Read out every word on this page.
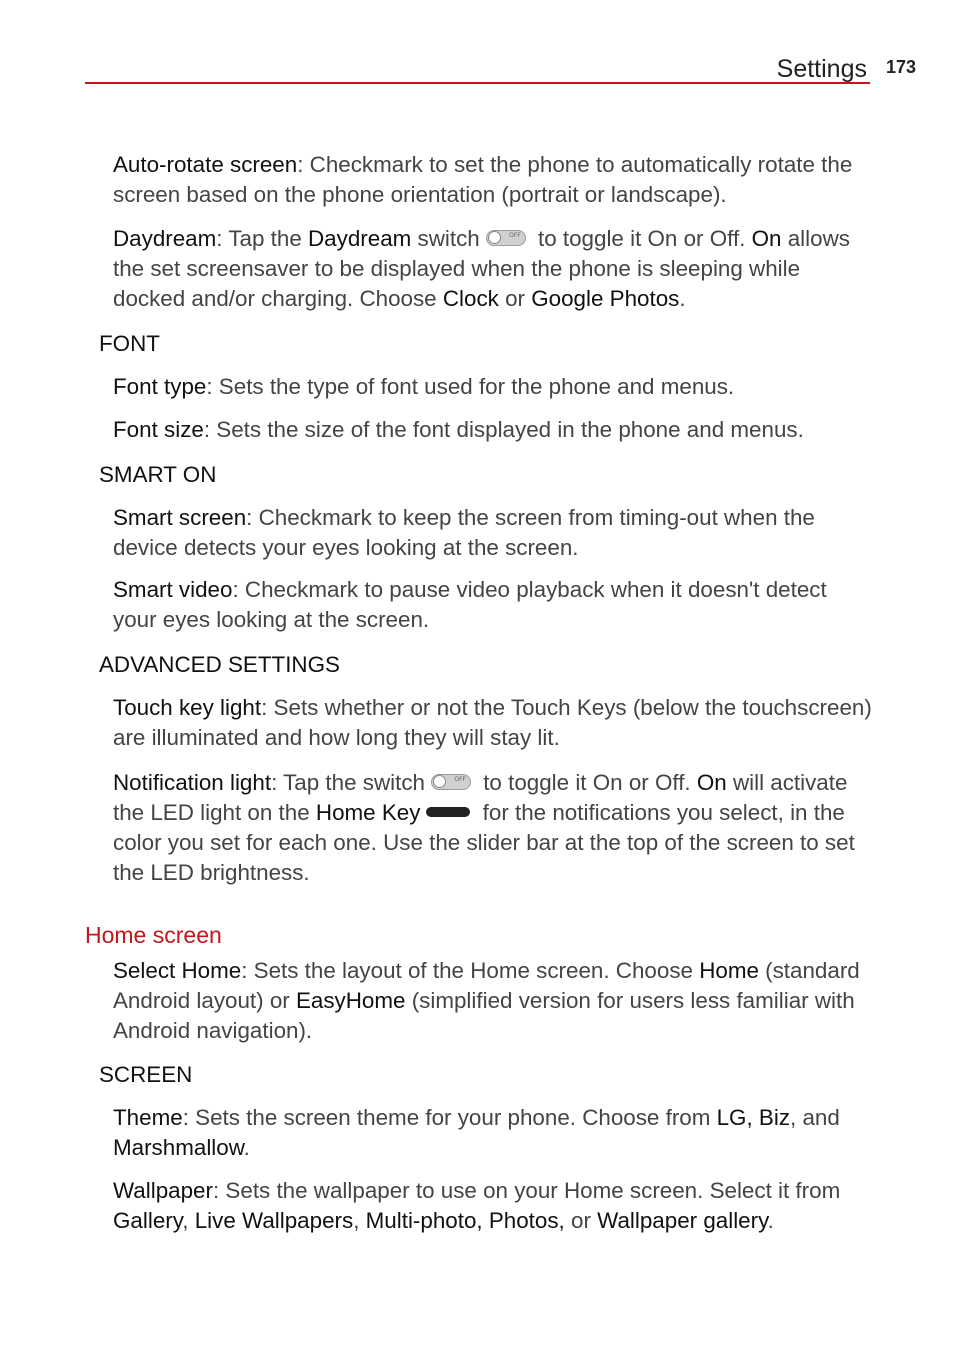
Settings 173

Auto-rotate screen: Checkmark to set the phone to automatically rotate the screen based on the phone orientation (portrait or landscape).

Daydream: Tap the Daydream switch	OFF to toggle it On or Off. On allows the set screensaver to be displayed when the phone is sleeping while docked and/or charging. Choose Clock or Google Photos.

FONT

Font type: Sets the type of font used for the phone and menus.

Font size: Sets the size of the font displayed in the phone and menus.

SMART ON

Smart screen: Checkmark to keep the screen from timing-out when the device detects your eyes looking at the screen.

Smart video: Checkmark to pause video playback when it doesn't detect your eyes looking at the screen.

ADVANCED SETTINGS

Touch key light: Sets whether or not the Touch Keys (below the touchscreen) are illuminated and how long they will stay lit.

Notification light: Tap the switch	OFF to toggle it On or Off. On will activate the LED light on the Home Key	for the notifications you select, in the color you set for each one. Use the slider bar at the top of the screen to set the LED brightness.

Home screen

Select Home: Sets the layout of the Home screen. Choose Home (standard Android layout) or EasyHome (simplified version for users less familiar with Android navigation).

SCREEN

Theme: Sets the screen theme for your phone. Choose from LG, Biz, and Marshmallow.

Wallpaper: Sets the wallpaper to use on your Home screen. Select it from Gallery, Live Wallpapers, Multi-photo, Photos, or Wallpaper gallery.
